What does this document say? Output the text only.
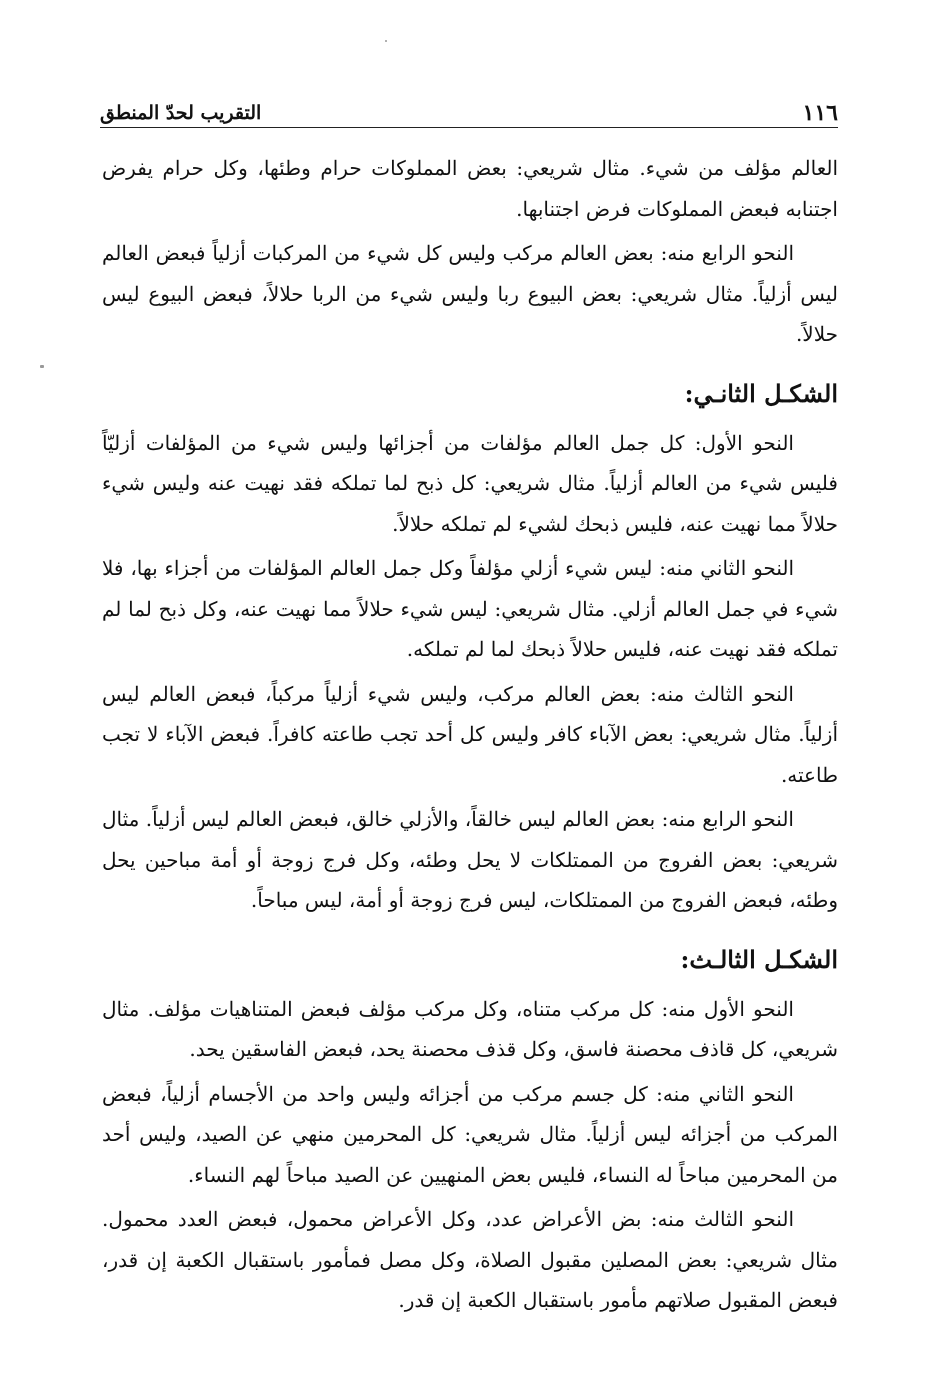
١١٦
التقريب لحدّ المنطق

العالم مؤلف من شيء. مثال شريعي: بعض المملوكات حرام وطئها، وكل حرام يفرض اجتنابه فبعض المملوكات فرض اجتنابها.

النحو الرابع منه: بعض العالم مركب وليس كل شيء من المركبات أزلياً فبعض العالم ليس أزلياً. مثال شريعي: بعض البيوع ربا وليس شيء من الربا حلالاً، فبعض البيوع ليس حلالاً.

الشكـل الثانـي:

النحو الأول: كل جمل العالم مؤلفات من أجزائها وليس شيء من المؤلفات أزليّاً فليس شيء من العالم أزلياً. مثال شريعي: كل ذبح لما تملكه فقد نهيت عنه وليس شيء حلالاً مما نهيت عنه، فليس ذبحك لشيء لم تملكه حلالاً.

النحو الثاني منه: ليس شيء أزلي مؤلفاً وكل جمل العالم المؤلفات من أجزاء بها، فلا شيء في جمل العالم أزلي. مثال شريعي: ليس شيء حلالاً مما نهيت عنه، وكل ذبح لما لم تملكه فقد نهيت عنه، فليس حلالاً ذبحك لما لم تملكه.

النحو الثالث منه: بعض العالم مركب، وليس شيء أزلياً مركباً، فبعض العالم ليس أزلياً. مثال شريعي: بعض الآباء كافر وليس كل أحد تجب طاعته كافراً. فبعض الآباء لا تجب طاعته.

النحو الرابع منه: بعض العالم ليس خالقاً، والأزلي خالق، فبعض العالم ليس أزلياً. مثال شريعي: بعض الفروج من الممتلكات لا يحل وطئه، وكل فرج زوجة أو أمة مباحين يحل وطئه، فبعض الفروج من الممتلكات، ليس فرج زوجة أو أمة، ليس مباحاً.

الشكـل الثالـث:

النحو الأول منه: كل مركب متناه، وكل مركب مؤلف فبعض المتناهيات مؤلف. مثال شريعي، كل قاذف محصنة فاسق، وكل قذف محصنة يحد، فبعض الفاسقين يحد.

النحو الثاني منه: كل جسم مركب من أجزائه وليس واحد من الأجسام أزلياً، فبعض المركب من أجزائه ليس أزلياً. مثال شريعي: كل المحرمين منهي عن الصيد، وليس أحد من المحرمين مباحاً له النساء، فليس بعض المنهيين عن الصيد مباحاً لهم النساء.

النحو الثالث منه: بض الأعراض عدد، وكل الأعراض محمول، فبعض العدد محمول. مثال شريعي: بعض المصلين مقبول الصلاة، وكل مصل فمأمور باستقبال الكعبة إن قدر، فبعض المقبول صلاتهم مأمور باستقبال الكعبة إن قدر.
